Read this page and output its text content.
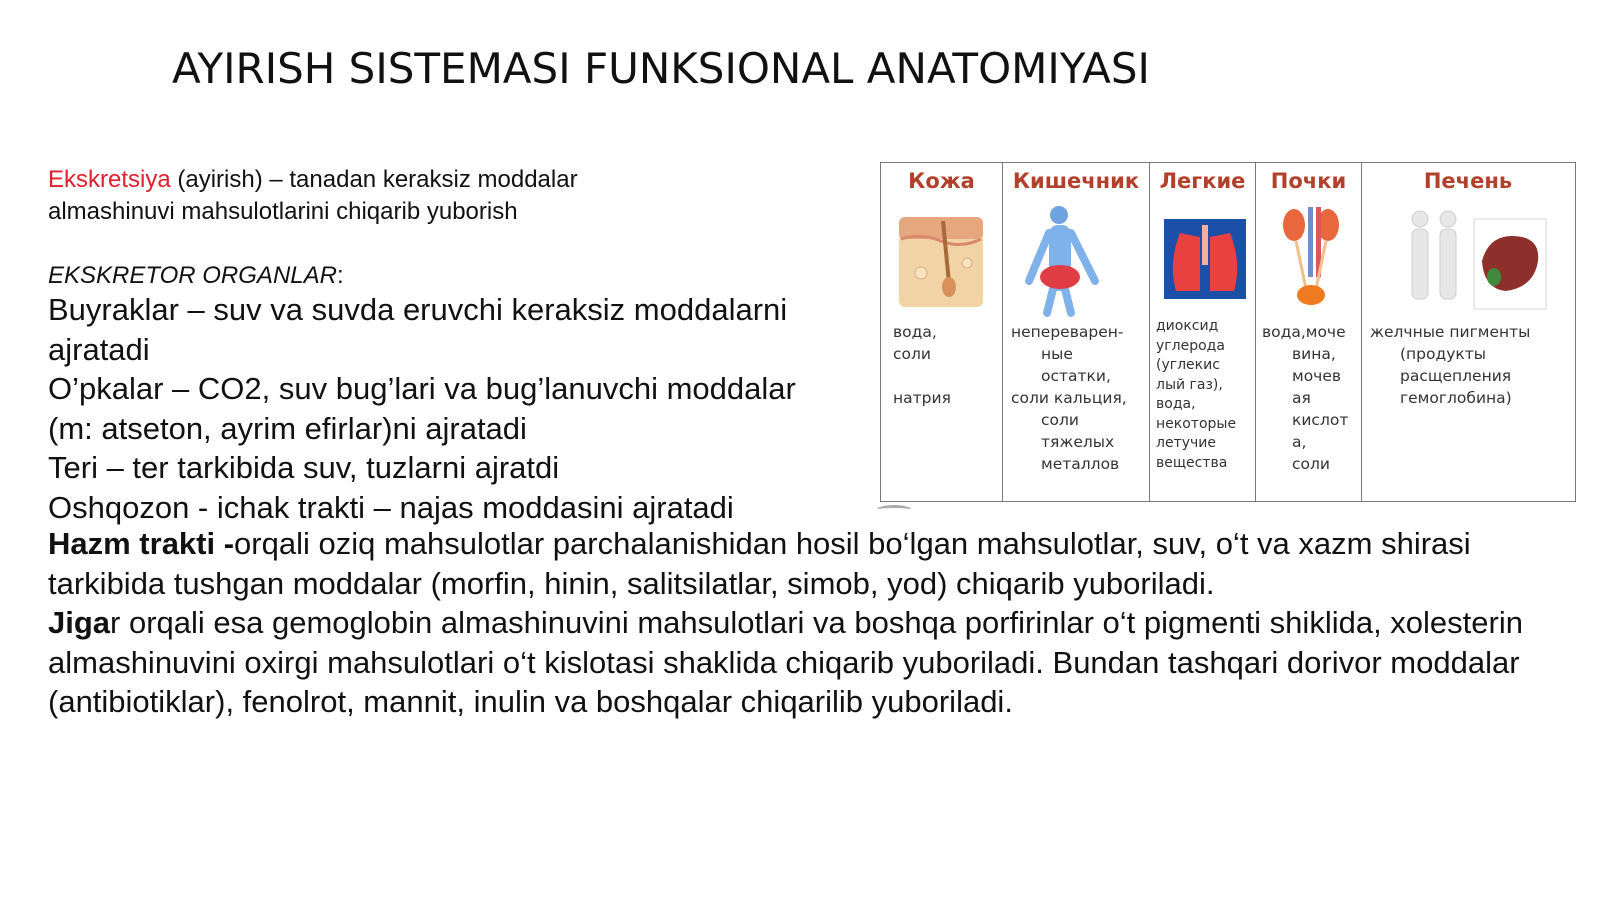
AYIRISH SISTEMASI FUNKSIONAL ANATOMIYASI
Ekskretsiya (ayirish) – tanadan keraksiz moddalar
almashinuvi mahsulotlarini chiqarib yuborish
EKSKRETOR ORGANLAR:
Buyraklar – suv va suvda eruvchi keraksiz moddalarni
ajratadi
O’pkalar – CO2, suv bug’lari va bug’lanuvchi moddalar
(m: atseton, ayrim efirlar)ni ajratadi
Teri – ter tarkibida suv, tuzlarni ajratdi
Oshqozon - ichak trakti – najas moddasini ajratadi

Hazm trakti -orqali oziq mahsulotlar parchalanishidan hosil bo‘lgan mahsulotlar, suv, o‘t va xazm shirasi tarkibida tushgan moddalar (morfin, hinin, salitsilatlar, simob, yod) chiqarib yuboriladi.

Jigar orqali esa gemoglobin almashinuvini mahsulotlari va boshqa porfirinlar o‘t pigmenti shiklida, xolesterin almashinuvini oxirgi mahsulotlari o‘t kislotasi shaklida chiqarib yuboriladi. Bundan tashqari dorivor moddalar (antibiotiklar), fenolrot, mannit, inulin va boshqalar chiqarilib yuboriladi.

Кожа
вода,
соли

натрия
Кишечник
непереварен-
ные
остатки,
соли кальция,
соли
тяжелых
металлов
Легкие
диоксид
углерода
(углекис
лый газ),
вода,
некоторые
летучие
вещества
Почки
вода,моче
вина,
мочев
ая
кислот
а,
соли
Печень
желчные пигменты
(продукты
расщепления
гемоглобина)
